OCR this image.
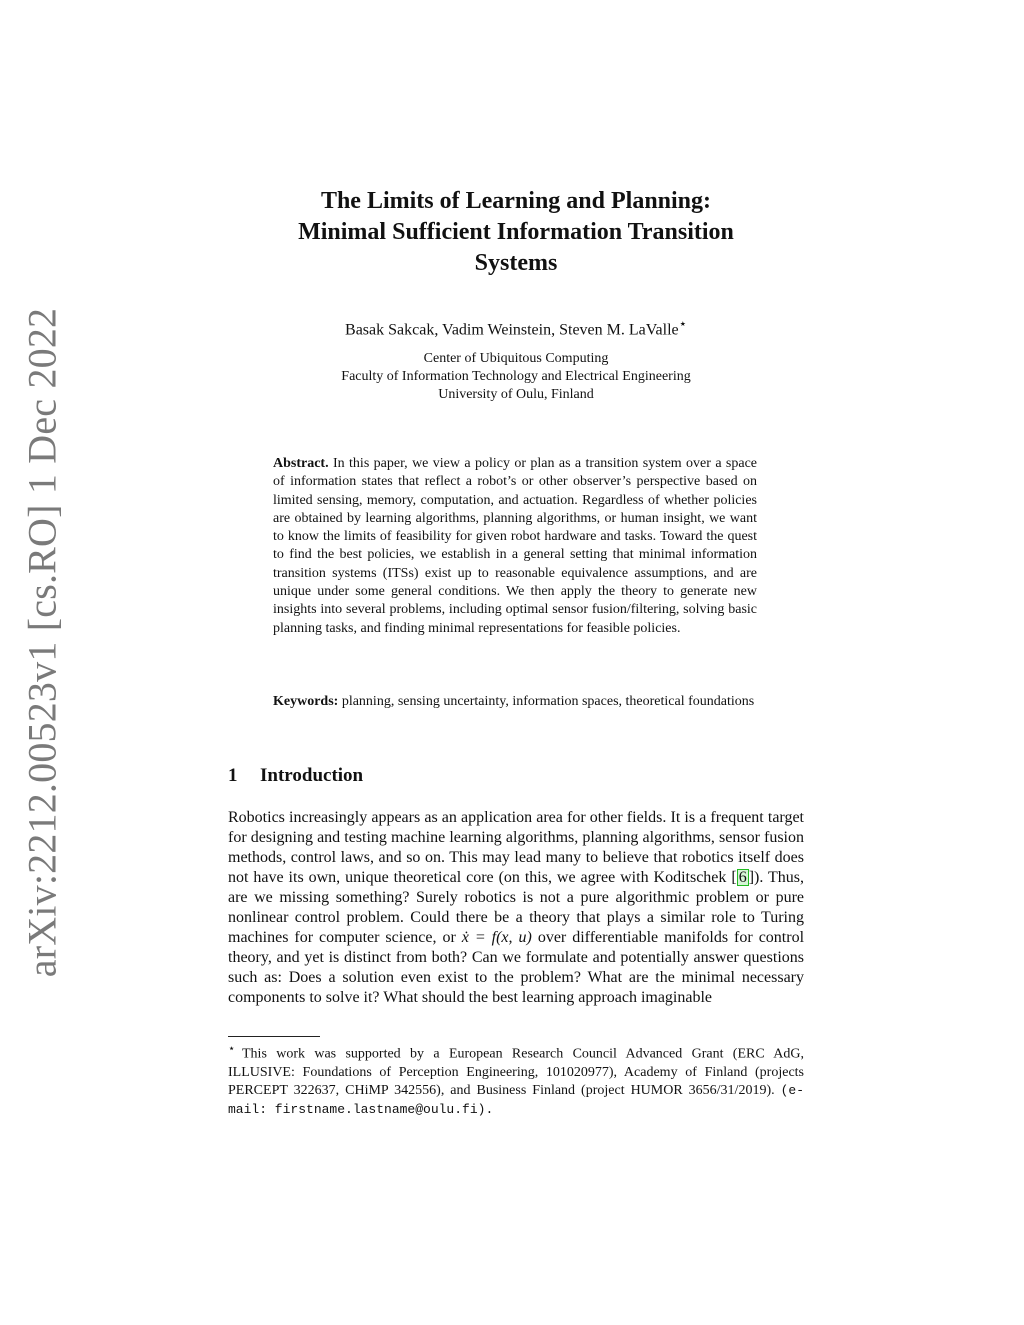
arXiv:2212.00523v1 [cs.RO] 1 Dec 2022
The Limits of Learning and Planning:
Minimal Sufficient Information Transition
Systems
Basak Sakcak, Vadim Weinstein, Steven M. LaValle⋆
Center of Ubiquitous Computing
Faculty of Information Technology and Electrical Engineering
University of Oulu, Finland

Abstract. In this paper, we view a policy or plan as a transition system over a space of information states that reflect a robot’s or other observer’s perspective based on limited sensing, memory, computation, and actuation. Regardless of whether policies are obtained by learning algorithms, planning algorithms, or human insight, we want to know the limits of feasibility for given robot hardware and tasks. Toward the quest to find the best policies, we establish in a general setting that minimal information transition systems (ITSs) exist up to reasonable equivalence assumptions, and are unique under some general conditions. We then apply the theory to generate new insights into several problems, including optimal sensor fusion/filtering, solving basic planning tasks, and finding minimal representations for feasible policies.

Keywords: planning, sensing uncertainty, information spaces, theoretical foundations

1 Introduction

Robotics increasingly appears as an application area for other fields. It is a frequent target for designing and testing machine learning algorithms, planning algorithms, sensor fusion methods, control laws, and so on. This may lead many to believe that robotics itself does not have its own, unique theoretical core (on this, we agree with Koditschek [ 6 ]). Thus, are we missing something? Surely robotics is not a pure algorithmic problem or pure nonlinear control problem. Could there be a theory that plays a similar role to Turing machines for computer science, or ẋ = f(x, u) over differentiable manifolds for control theory, and yet is distinct from both? Can we formulate and potentially answer questions such as: Does a solution even exist to the problem? What are the minimal necessary components to solve it? What should the best learning approach imaginable

⋆ This work was supported by a European Research Council Advanced Grant (ERC AdG, ILLUSIVE: Foundations of Perception Engineering, 101020977), Academy of Finland (projects PERCEPT 322637, CHiMP 342556), and Business Finland (project HUMOR 3656/31/2019). (e-mail: firstname.lastname@oulu.fi).
